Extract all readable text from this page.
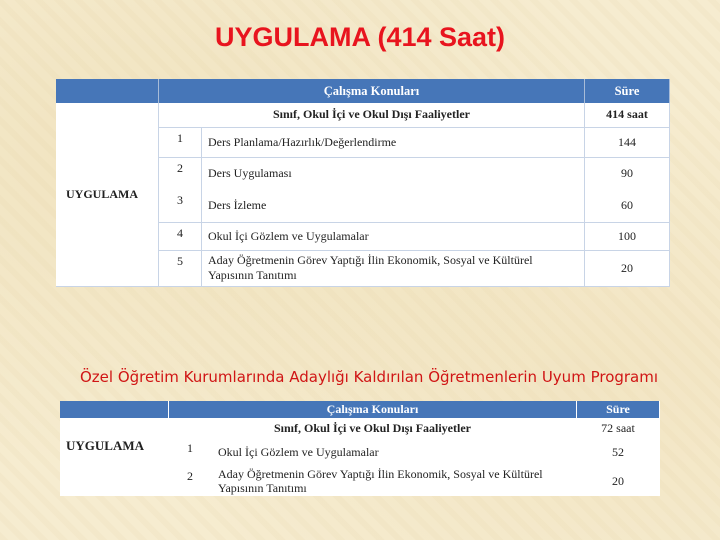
UYGULAMA (414 Saat)
	Çalışma Konuları		Süre
UYGULAMA	Sınıf, Okul İçi ve Okul Dışı Faaliyetler		414 saat
	1	Ders Planlama/Hazırlık/Değerlendirme	144
	2	Ders Uygulaması	90
	3	Ders İzleme	60
	4	Okul İçi Gözlem ve Uygulamalar	100
	5	Aday Öğretmenin Görev Yaptığı İlin Ekonomik, Sosyal ve Kültürel Yapısının Tanıtımı	20
Özel Öğretim Kurumlarında Adaylığı Kaldırılan Öğretmenlerin Uyum Programı
	Çalışma Konuları		Süre
UYGULAMA	Sınıf, Okul İçi ve Okul Dışı Faaliyetler		72 saat
	1	Okul İçi Gözlem ve Uygulamalar	52
	2	Aday Öğretmenin Görev Yaptığı İlin Ekonomik, Sosyal ve Kültürel Yapısının Tanıtımı	20
